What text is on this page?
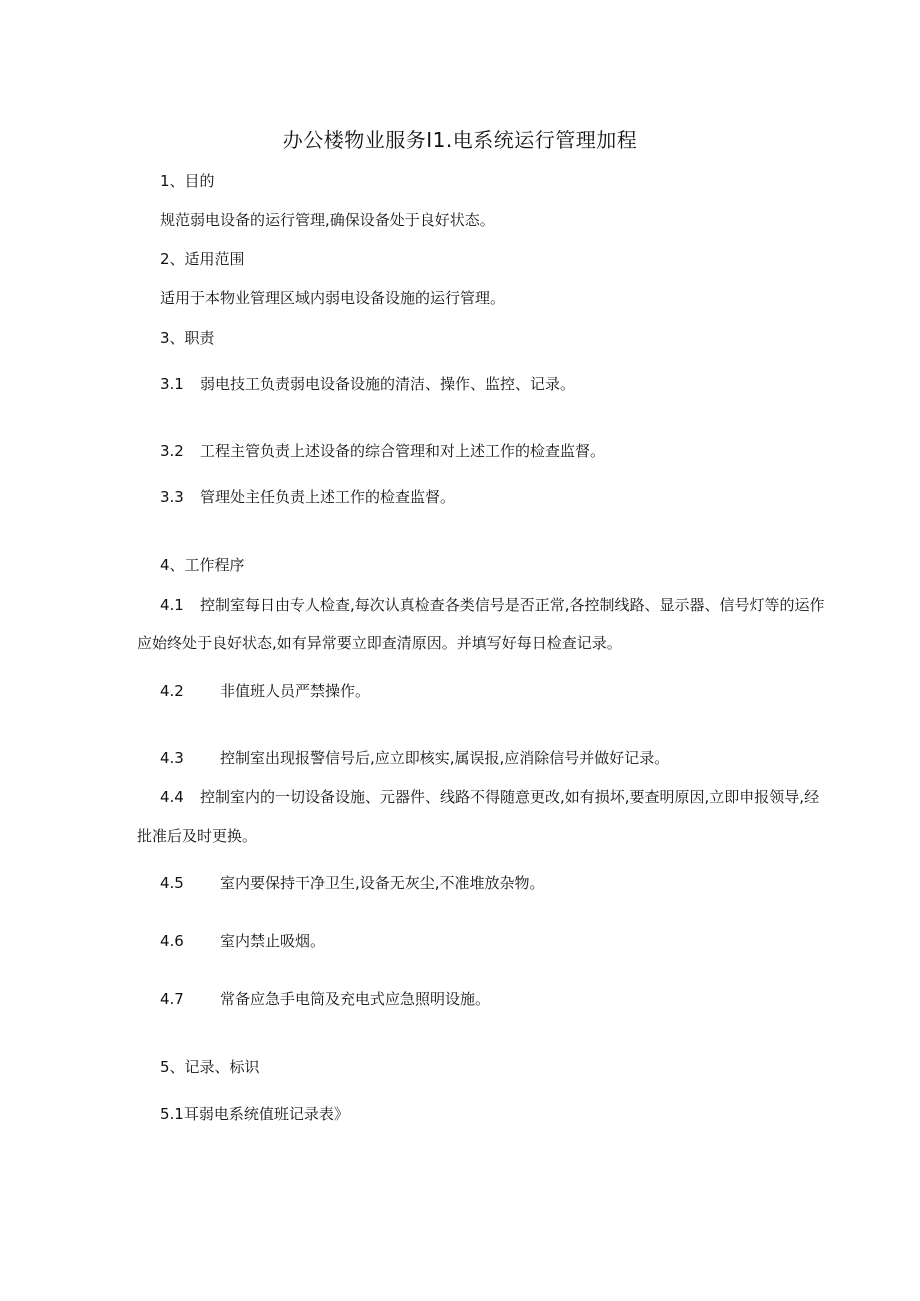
办公楼物业服务I1.电系统运行管理加程
1、目的
规范弱电设备的运行管理,确保设备处于良好状态。
2、适用范围
适用于本物业管理区域内弱电设备设施的运行管理。
3、职责
3.1 弱电技工负责弱电设备设施的清洁、操作、监控、记录。
3.2 工程主管负责上述设备的综合管理和对上述工作的检查监督。
3.3 管理处主任负责上述工作的检查监督。
4、工作程序
4.1 控制室每日由专人检查,每次认真检查各类信号是否正常,各控制线路、显示器、信号灯等的运作
应始终处于良好状态,如有异常要立即查清原因。并填写好每日检查记录。
4.2 非值班人员严禁操作。
4.3 控制室出现报警信号后,应立即核实,属误报,应消除信号并做好记录。
4.4 控制室内的一切设备设施、元器件、线路不得随意更改,如有损坏,要查明原因,立即申报领导,经
批准后及时更换。
4.5 室内要保持干净卫生,设备无灰尘,不准堆放杂物。
4.6 室内禁止吸烟。
4.7 常备应急手电筒及充电式应急照明设施。
5、记录、标识
5.1耳弱电系统值班记录表》
